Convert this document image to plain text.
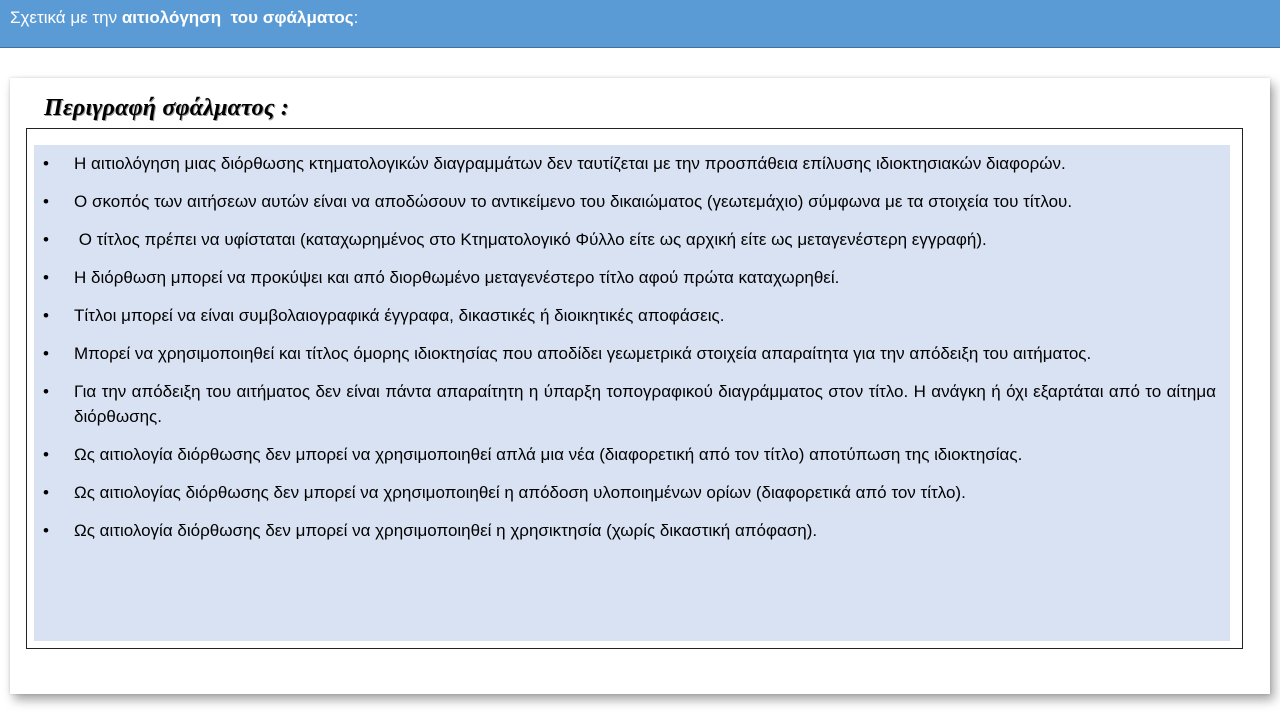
Σχετικά με την αιτιολόγηση  του σφάλματος:
Περιγραφή σφάλματος :
• Η αιτιολόγηση μιας διόρθωσης κτηματολογικών διαγραμμάτων δεν ταυτίζεται με την προσπάθεια επίλυσης ιδιοκτησιακών διαφορών.
• Ο σκοπός των αιτήσεων αυτών είναι να αποδώσουν το αντικείμενο του δικαιώματος (γεωτεμάχιο) σύμφωνα με τα στοιχεία του τίτλου.
• Ο τίτλος πρέπει να υφίσταται (καταχωρημένος στο Κτηματολογικό Φύλλο είτε ως αρχική είτε ως μεταγενέστερη εγγραφή).
• Η διόρθωση μπορεί να προκύψει και από διορθωμένο μεταγενέστερο τίτλο αφού πρώτα καταχωρηθεί.
• Τίτλοι μπορεί να είναι συμβολαιογραφικά έγγραφα, δικαστικές ή διοικητικές αποφάσεις.
• Μπορεί να χρησιμοποιηθεί και τίτλος όμορης ιδιοκτησίας που αποδίδει γεωμετρικά στοιχεία απαραίτητα για την απόδειξη του αιτήματος.
• Για την απόδειξη του αιτήματος δεν είναι πάντα απαραίτητη η ύπαρξη τοπογραφικού διαγράμματος στον τίτλο. Η ανάγκη ή όχι εξαρτάται από το αίτημα διόρθωσης.
• Ως αιτιολογία διόρθωσης δεν μπορεί να χρησιμοποιηθεί απλά μια νέα (διαφορετική από τον τίτλο) αποτύπωση της ιδιοκτησίας.
• Ως αιτιολογίας διόρθωσης δεν μπορεί να χρησιμοποιηθεί η απόδοση υλοποιημένων ορίων (διαφορετικά από τον τίτλο).
• Ως αιτιολογία διόρθωσης δεν μπορεί να χρησιμοποιηθεί η χρησικτησία (χωρίς δικαστική απόφαση).
